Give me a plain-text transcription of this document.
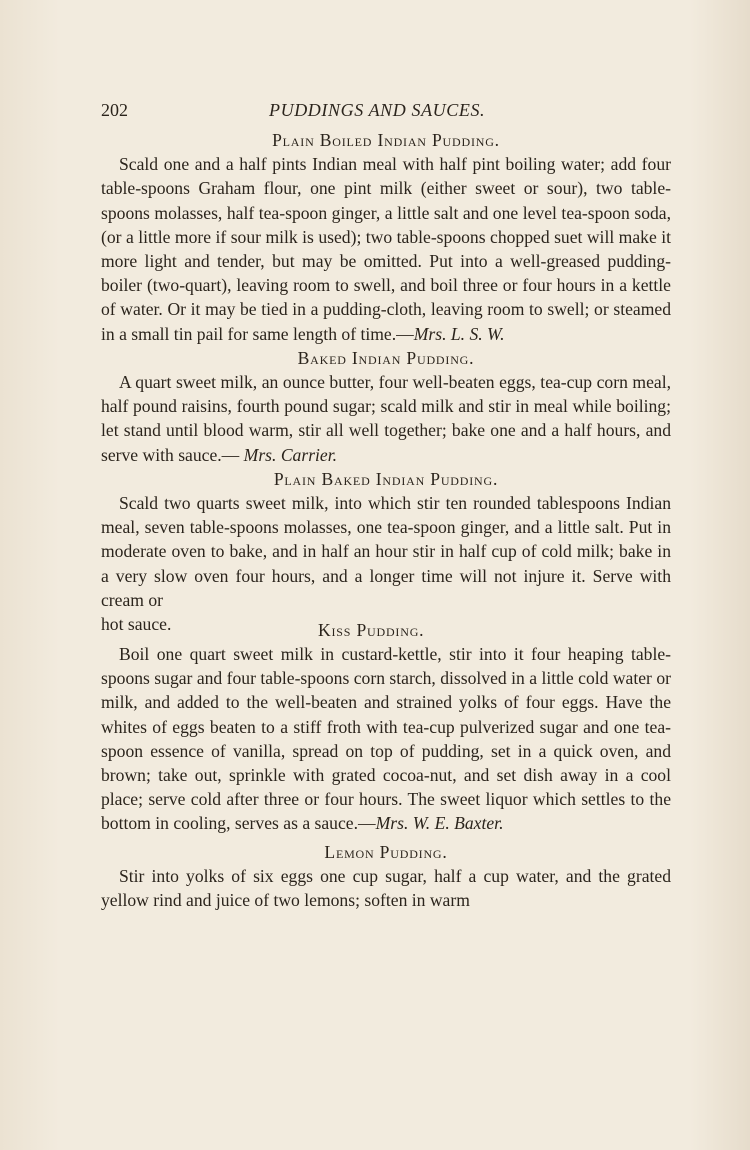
202	PUDDINGS AND SAUCES.
Plain Boiled Indian Pudding.

Scald one and a half pints Indian meal with half pint boiling water; add four table-spoons Graham flour, one pint milk (either sweet or sour), two table-spoons molasses, half tea-spoon ginger, a little salt and one level tea-spoon soda, (or a little more if sour milk is used); two table-spoons chopped suet will make it more light and tender, but may be omitted. Put into a well-greased pudding-boiler (two-quart), leaving room to swell, and boil three or four hours in a kettle of water. Or it may be tied in a pudding-cloth, leaving room to swell; or steamed in a small tin pail for same length of time.—Mrs. L. S. W.

Baked Indian Pudding.

A quart sweet milk, an ounce butter, four well-beaten eggs, tea-cup corn meal, half pound raisins, fourth pound sugar; scald milk and stir in meal while boiling; let stand until blood warm, stir all well together; bake one and a half hours, and serve with sauce.— Mrs. Carrier.

Plain Baked Indian Pudding.

Scald two quarts sweet milk, into which stir ten rounded tablespoons Indian meal, seven table-spoons molasses, one tea-spoon ginger, and a little salt. Put in moderate oven to bake, and in half an hour stir in half cup of cold milk; bake in a very slow oven four hours, and a longer time will not injure it. Serve with cream or

hot sauce.	Kiss Pudding.

Boil one quart sweet milk in custard-kettle, stir into it four heaping table-spoons sugar and four table-spoons corn starch, dissolved in a little cold water or milk, and added to the well-beaten and strained yolks of four eggs. Have the whites of eggs beaten to a stiff froth with tea-cup pulverized sugar and one tea-spoon essence of vanilla, spread on top of pudding, set in a quick oven, and brown; take out, sprinkle with grated cocoa-nut, and set dish away in a cool place; serve cold after three or four hours. The sweet liquor which settles to the bottom in cooling, serves as a sauce.—Mrs. W. E. Baxter.

Lemon Pudding.

Stir into yolks of six eggs one cup sugar, half a cup water, and the grated yellow rind and juice of two lemons; soften in warm
